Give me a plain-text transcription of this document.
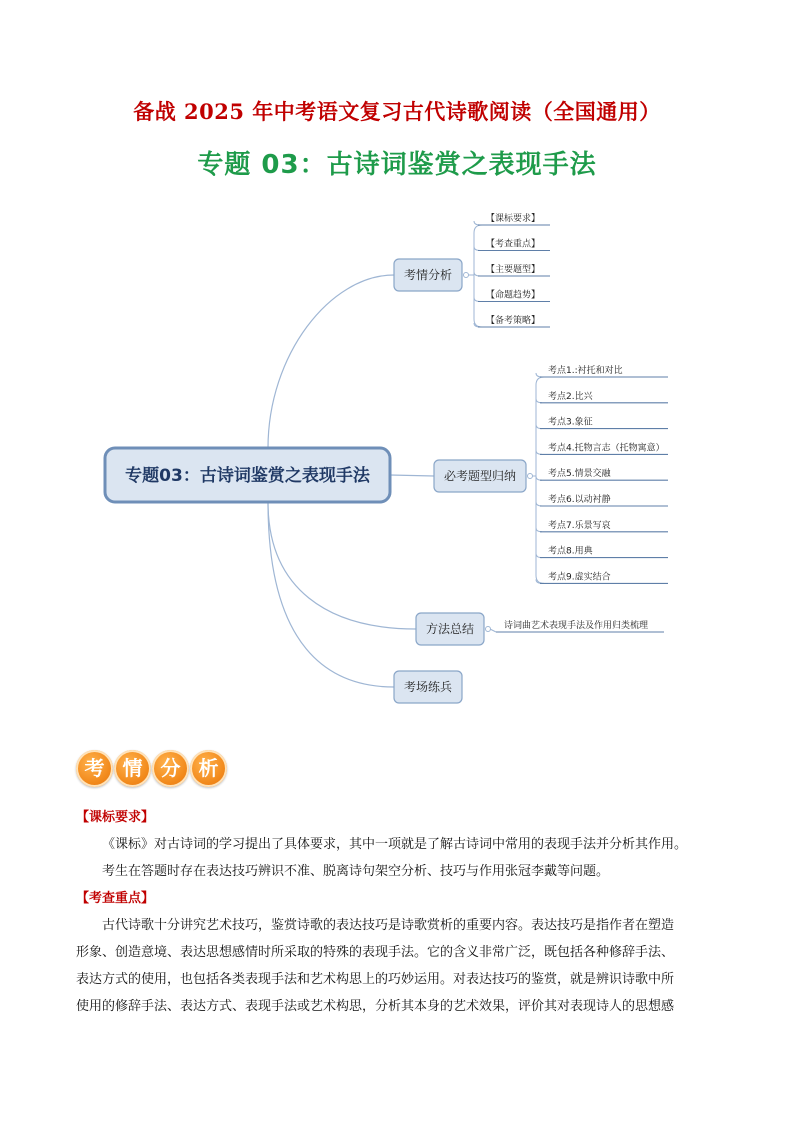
备战 2025 年中考语文复习古代诗歌阅读（全国通用）
专题 03：古诗词鉴赏之表现手法
专题03：古诗词鉴赏之表现手法
考情分析
【课标要求】
【考查重点】
【主要题型】
【命题趋势】
【备考策略】
必考题型归纳
考点1.:衬托和对比
考点2.比兴
考点3.象征
考点4.托物言志（托物寓意）
考点5.情景交融
考点6.以动衬静
考点7.乐景写哀
考点8.用典
考点9.虚实结合
方法总结	诗词曲艺术表现手法及作用归类梳理
考场练兵
考 情 分 析

【课标要求】

《课标》对古诗词的学习提出了具体要求，其中一项就是了解古诗词中常用的表现手法并分析其作用。

考生在答题时存在表达技巧辨识不准、脱离诗句架空分析、技巧与作用张冠李戴等问题。

【考查重点】

古代诗歌十分讲究艺术技巧，鉴赏诗歌的表达技巧是诗歌赏析的重要内容。表达技巧是指作者在塑造

形象、创造意境、表达思想感情时所采取的特殊的表现手法。它的含义非常广泛，既包括各种修辞手法、

表达方式的使用，也包括各类表现手法和艺术构思上的巧妙运用。对表达技巧的鉴赏，就是辨识诗歌中所

使用的修辞手法、表达方式、表现手法或艺术构思，分析其本身的艺术效果，评价其对表现诗人的思想感
